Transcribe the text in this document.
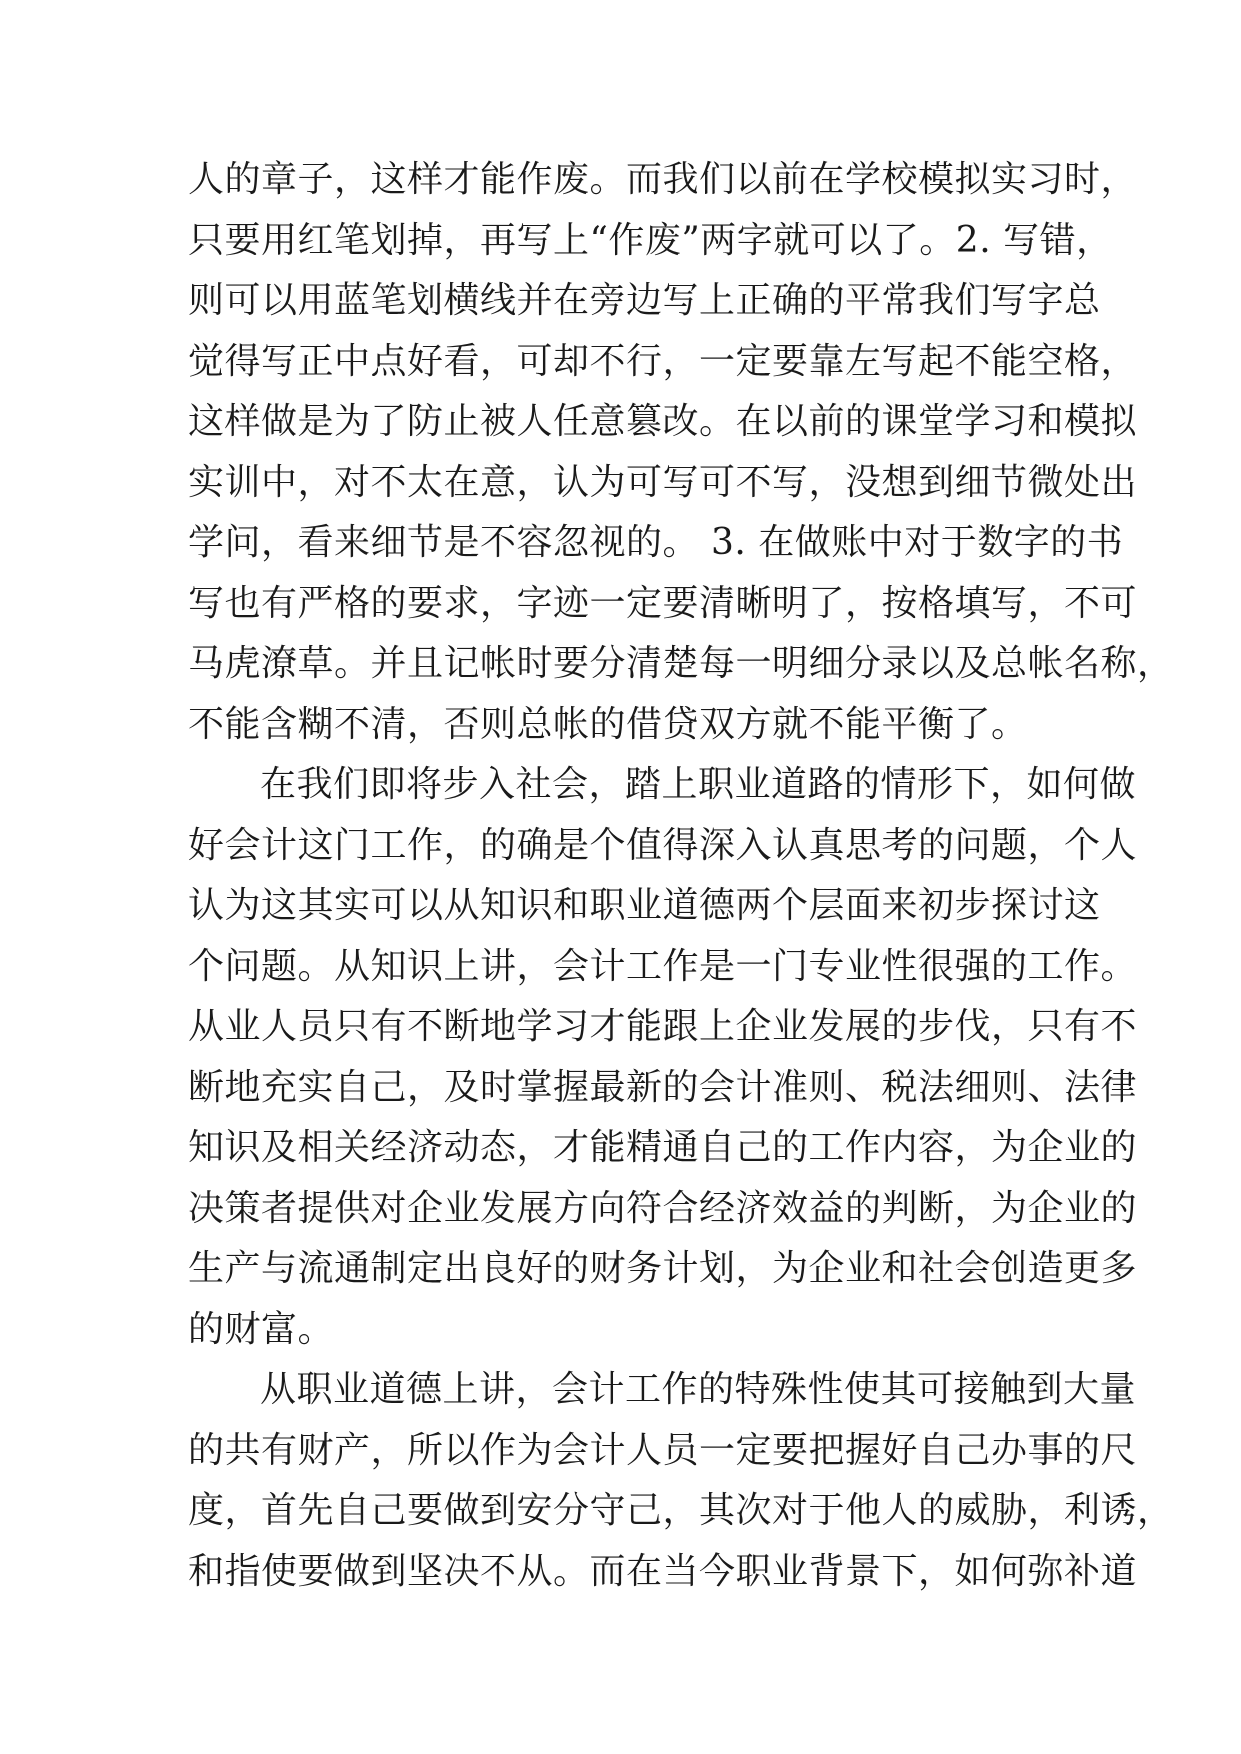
人的章子，这样才能作废。而我们以前在学校模拟实习时，
只要用红笔划掉，再写上“作废”两字就可以了。2. 写错，
则可以用蓝笔划横线并在旁边写上正确的平常我们写字总
觉得写正中点好看，可却不行，一定要靠左写起不能空格，
这样做是为了防止被人任意篡改。在以前的课堂学习和模拟
实训中，对不太在意，认为可写可不写，没想到细节微处出
学问，看来细节是不容忽视的。 3. 在做账中对于数字的书
写也有严格的要求，字迹一定要清晰明了，按格填写，不可
马虎潦草。并且记帐时要分清楚每一明细分录以及总帐名称，
不能含糊不清，否则总帐的借贷双方就不能平衡了。
在我们即将步入社会，踏上职业道路的情形下，如何做
好会计这门工作，的确是个值得深入认真思考的问题，个人
认为这其实可以从知识和职业道德两个层面来初步探讨这
个问题。从知识上讲，会计工作是一门专业性很强的工作。
从业人员只有不断地学习才能跟上企业发展的步伐，只有不
断地充实自己，及时掌握最新的会计准则、税法细则、法律
知识及相关经济动态，才能精通自己的工作内容，为企业的
决策者提供对企业发展方向符合经济效益的判断，为企业的
生产与流通制定出良好的财务计划，为企业和社会创造更多
的财富。
从职业道德上讲，会计工作的特殊性使其可接触到大量
的共有财产，所以作为会计人员一定要把握好自己办事的尺
度，首先自己要做到安分守己，其次对于他人的威胁，利诱，
和指使要做到坚决不从。而在当今职业背景下，如何弥补道
